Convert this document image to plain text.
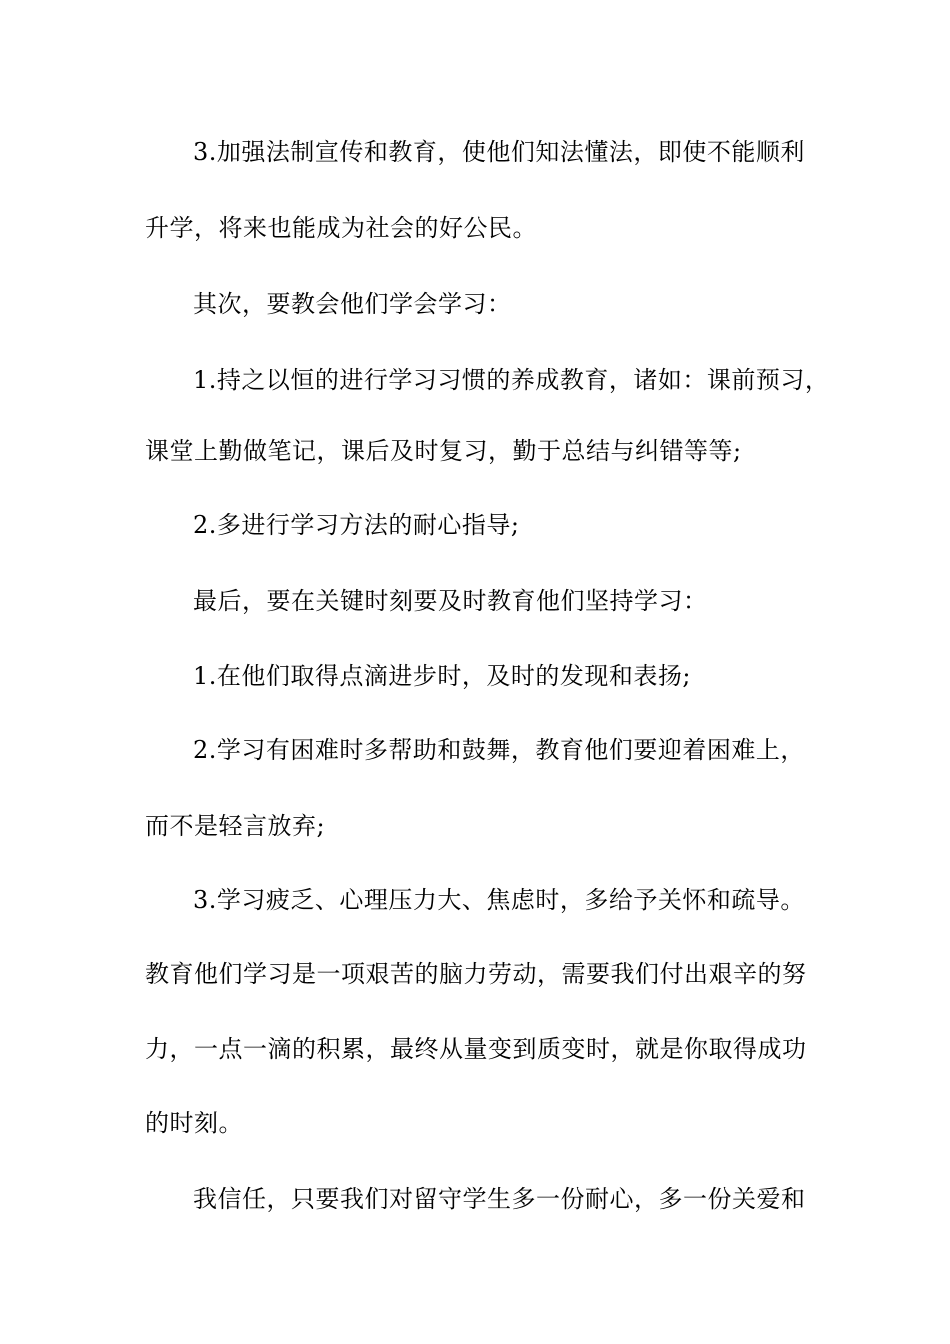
3.加强法制宣传和教育，使他们知法懂法，即使不能顺利
升学，将来也能成为社会的好公民。
其次，要教会他们学会学习：
1.持之以恒的进行学习习惯的养成教育，诸如：课前预习，
课堂上勤做笔记，课后及时复习，勤于总结与纠错等等;
2.多进行学习方法的耐心指导;
最后，要在关键时刻要及时教育他们坚持学习：
1.在他们取得点滴进步时，及时的发现和表扬;
2.学习有困难时多帮助和鼓舞，教育他们要迎着困难上，
而不是轻言放弃;
3.学习疲乏、心理压力大、焦虑时，多给予关怀和疏导。
教育他们学习是一项艰苦的脑力劳动，需要我们付出艰辛的努
力，一点一滴的积累，最终从量变到质变时，就是你取得成功
的时刻。
我信任，只要我们对留守学生多一份耐心，多一份关爱和
